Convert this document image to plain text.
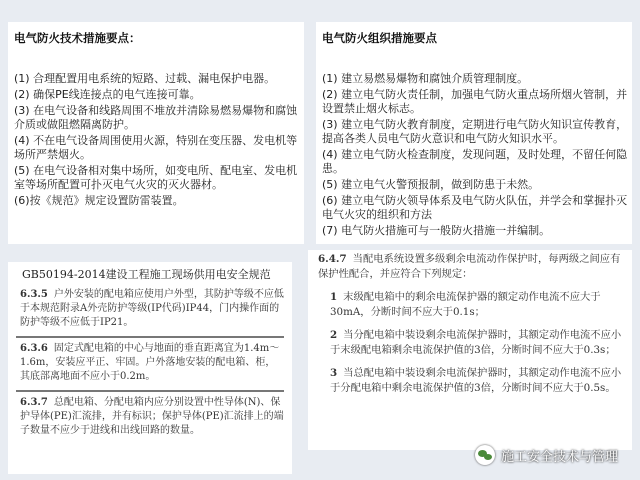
电气防火技术措施要点：

(1) 合理配置用电系统的短路、过载、漏电保护电器。

(2) 确保PE线连接点的电气连接可靠。

(3) 在电气设备和线路周围不堆放并清除易燃易爆物和腐蚀介质或做阻燃隔离防护。

(4) 不在电气设备周围使用火源，特别在变压器、发电机等场所严禁烟火。

(5) 在电气设备相对集中场所，如变电所、配电室、发电机室等场所配置可扑灭电气火灾的灭火器材。

(6)按《规范》规定设置防雷装置。

电气防火组织措施要点

(1) 建立易燃易爆物和腐蚀介质管理制度。

(2) 建立电气防火责任制，加强电气防火重点场所烟火管制，并设置禁止烟火标志。

(3) 建立电气防火教育制度，定期进行电气防火知识宣传教育，提高各类人员电气防火意识和电气防火知识水平。

(4) 建立电气防火检查制度，发现问题，及时处理，不留任何隐患。

(5) 建立电气火警预报制，做到防患于未然。

(6) 建立电气防火领导体系及电气防火队伍，并学会和掌握扑灭电气火灾的组织和方法

(7) 电气防火措施可与一般防火措施一并编制。

GB50194-2014建设工程施工现场供用电安全规范

6.3.5 户外安装的配电箱应使用户外型，其防护等级不应低于本规范附录A外壳防护等级(IP代码)IP44，门内操作面的防护等级不应低于IP21。

6.3.6 固定式配电箱的中心与地面的垂直距离宜为1.4m～1.6m，安装应平正、牢固。户外落地安装的配电箱、柜，其底部离地面不应小于0.2m。

6.3.7 总配电箱、分配电箱内应分别设置中性导体(N)、保护导体(PE)汇流排，并有标识；保护导体(PE)汇流排上的端子数量不应少于进线和出线回路的数量。

6.4.7 当配电系统设置多级剩余电流动作保护时，每两级之间应有保护性配合，并应符合下列规定：

1 末级配电箱中的剩余电流保护器的额定动作电流不应大于30mA，分断时间不应大于0.1s；

2 当分配电箱中装设剩余电流保护器时，其额定动作电流不应小于末级配电箱剩余电流保护值的3倍，分断时间不应大于0.3s；

3 当总配电箱中装设剩余电流保护器时，其额定动作电流不应小于分配电箱中剩余电流保护值的3倍，分断时间不应大于0.5s。

施工安全技术与管理
